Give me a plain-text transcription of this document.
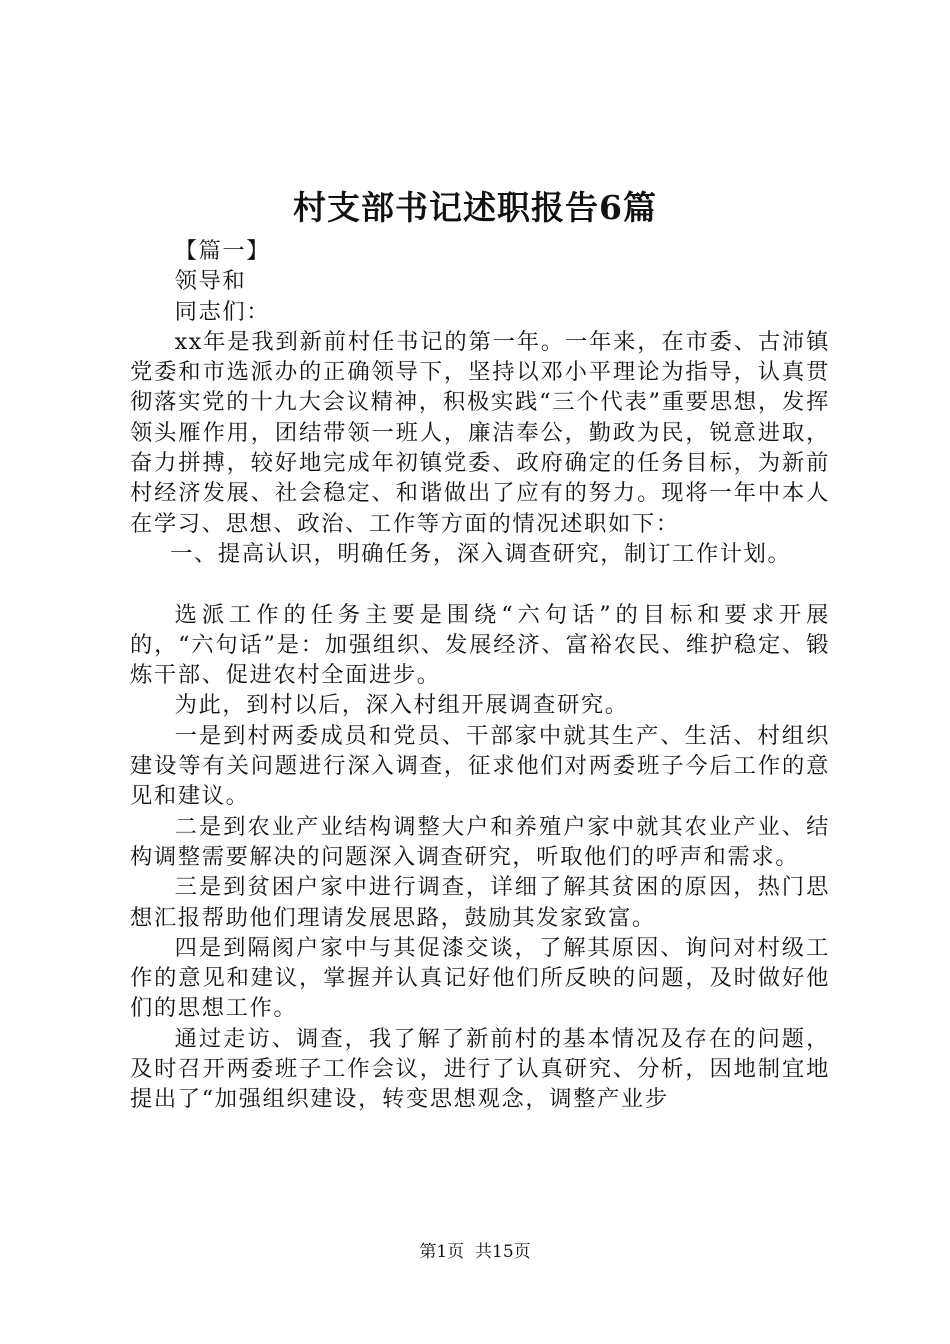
村支部书记述职报告6篇

【篇一】

领导和

同志们：

xx年是我到新前村任书记的第一年。一年来，在市委、古沛镇党委和市选派办的正确领导下，坚持以邓小平理论为指导，认真贯彻落实党的十九大会议精神，积极实践“三个代表”重要思想，发挥领头雁作用，团结带领一班人，廉洁奉公，勤政为民，锐意进取，奋力拼搏，较好地完成年初镇党委、政府确定的任务目标，为新前村经济发展、社会稳定、和谐做出了应有的努力。现将一年中本人在学习、思想、政治、工作等方面的情况述职如下：

一、提高认识，明确任务，深入调查研究，制订工作计划。

选派工作的任务主要是围绕“六句话”的目标和要求开展的，“六句话”是：加强组织、发展经济、富裕农民、维护稳定、锻炼干部、促进农村全面进步。

为此，到村以后，深入村组开展调查研究。

一是到村两委成员和党员、干部家中就其生产、生活、村组织建设等有关问题进行深入调查，征求他们对两委班子今后工作的意见和建议。

二是到农业产业结构调整大户和养殖户家中就其农业产业、结构调整需要解决的问题深入调查研究，听取他们的呼声和需求。

三是到贫困户家中进行调查，详细了解其贫困的原因，热门思想汇报帮助他们理请发展思路，鼓励其发家致富。

四是到隔阂户家中与其促漆交谈，了解其原因、询问对村级工作的意见和建议，掌握并认真记好他们所反映的问题，及时做好他们的思想工作。

通过走访、调查，我了解了新前村的基本情况及存在的问题，及时召开两委班子工作会议，进行了认真研究、分析，因地制宜地提出了“加强组织建设，转变思想观念，调整产业步

第1页 共15页
